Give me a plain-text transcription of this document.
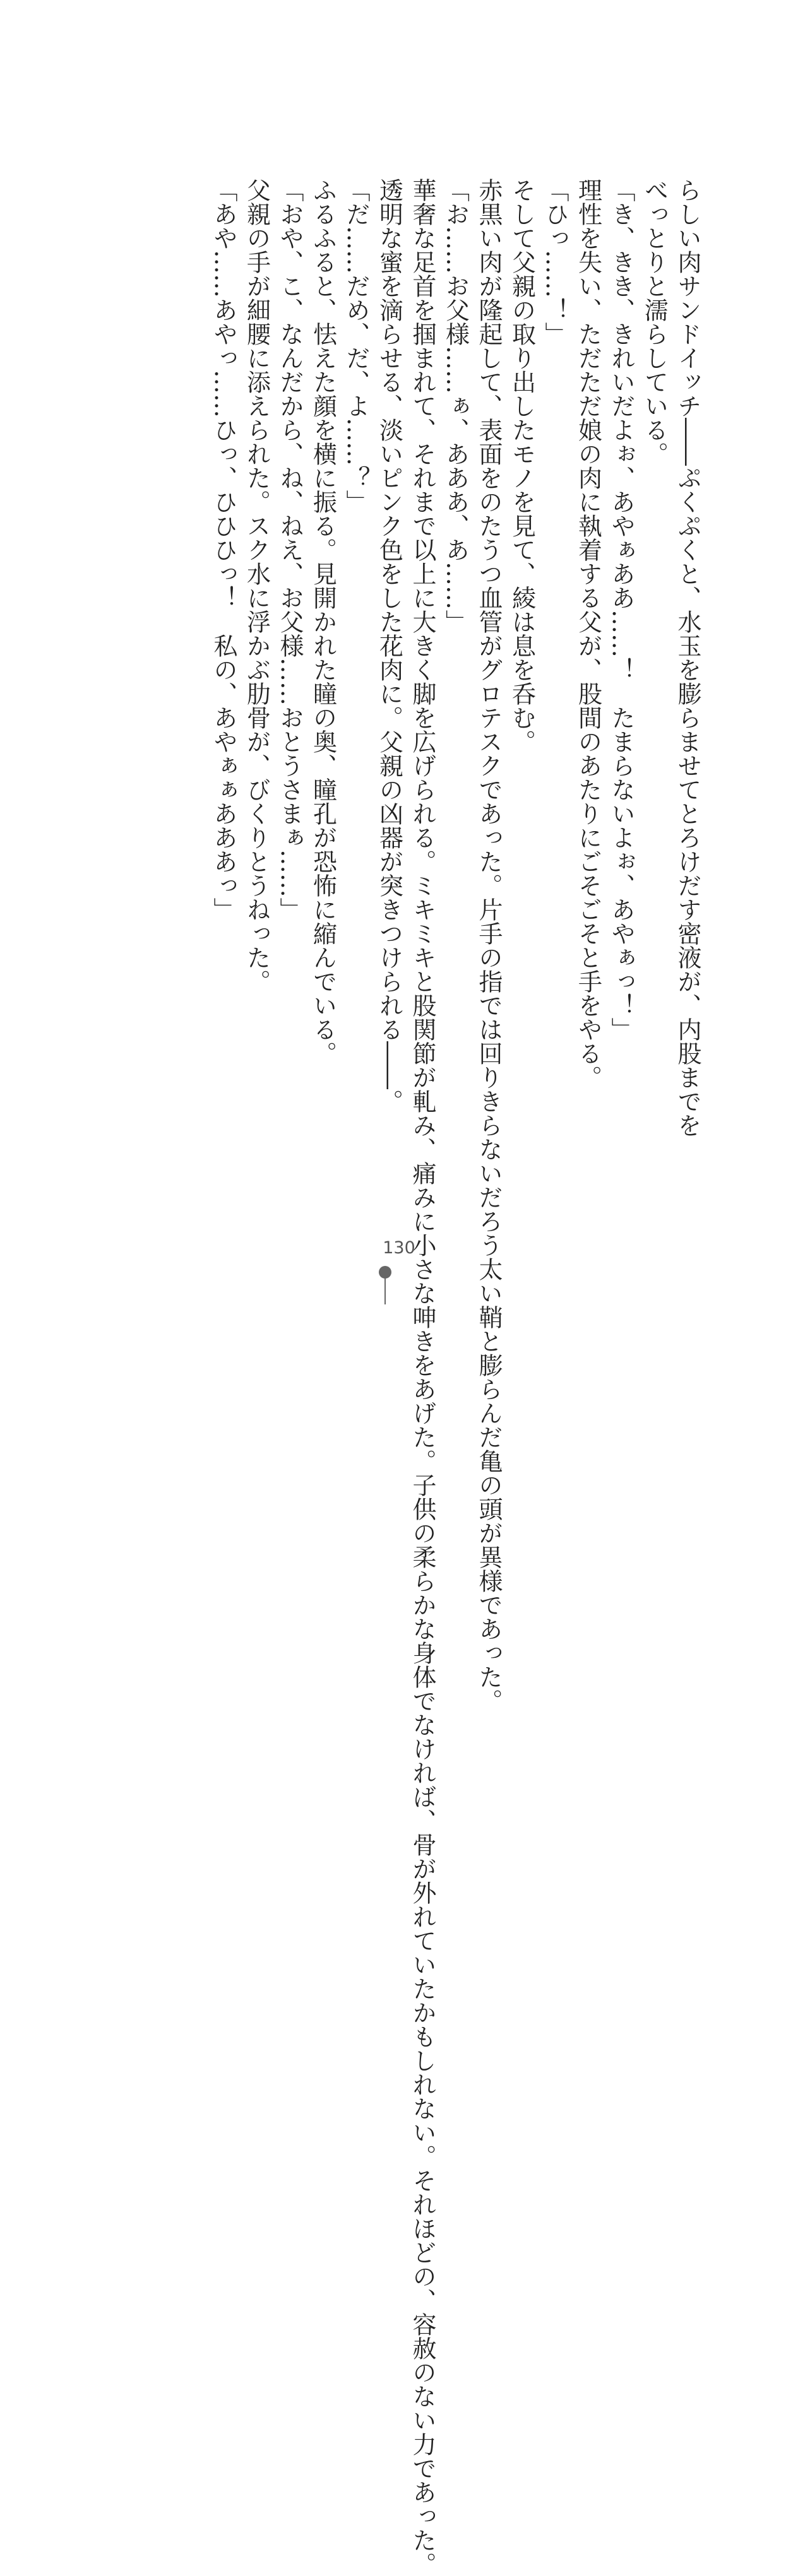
らしい肉サンドイッチ――ぷくぷくと、水玉を膨らませてとろけだす密液が、内股までを
べっとりと濡らしている。
「き、きき、きれいだよぉ、あやぁああ……！　たまらないよぉ、あやぁっ！」
理性を失い、ただただ娘の肉に執着する父が、股間のあたりにごそごそと手をやる。
「ひっ……！」
そして父親の取り出したモノを見て、綾は息を呑む。
赤黒い肉が隆起して、表面をのたうつ血管がグロテスクであった。片手の指では回りきらないだろう太い鞘と膨らんだ亀の頭が異様であった。
「お……お父様……ぁ、あああ、あ……」
華奢な足首を掴まれて、それまで以上に大きく脚を広げられる。ミキミキと股関節が軋み、痛みに小さな呻きをあげた。子供の柔らかな身体でなければ、骨が外れていたかもしれない。それほどの、容赦のない力であった。
透明な蜜を滴らせる、淡いピンク色をした花肉に。父親の凶器が突きつけられる――。
「だ……だめ、だ、よ……？」
ふるふると、怯えた顔を横に振る。見開かれた瞳の奥、瞳孔が恐怖に縮んでいる。
「おや、こ、なんだから、ね、ねえ、お父様……おとうさまぁ……」
父親の手が細腰に添えられた。スク水に浮かぶ肋骨が、びくりとうねった。
「あや……あやっ……ひっ、ひひひっ！　私の、あやぁぁあああっ」
130
